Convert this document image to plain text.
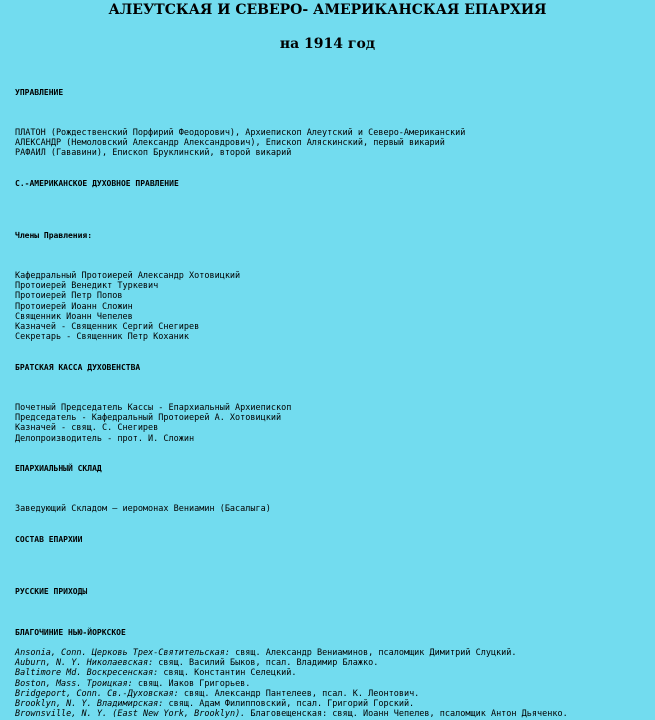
АЛЕУТСКАЯ И СЕВЕРО- АМЕРИКАНСКАЯ ЕПАРХИЯ
на 1914 год
УПРАВЛЕНИЕ
ПЛАТОН (Рождественский Порфирий Феодорович), Архиепископ Алеутский и Северо-Американский
АЛЕКСАНДР (Немоловский Александр Александрович), Епископ Аляскинский, первый викарий
РАФАИЛ (Гававини), Епископ Бруклинский, второй викарий
С.-АМЕРИКАНСКОЕ ДУХОВНОЕ ПРАВЛЕНИЕ
Члены Правления:
Кафедральный Протоиерей Александр Хотовицкий
Протоиерей Венедикт Туркевич
Протоиерей Петр Попов
Протоиерей Иоанн Сложин
Священник Иоанн Чепелев
Казначей - Священник Сергий Снегирев
Секретарь - Священник Петр Коханик
БРАТСКАЯ КАССА ДУХОВЕНСТВА
Почетный Председатель Кассы - Епархиальный Архиепископ
Председатель - Кафедральный Протоиерей А. Хотовицкий
Казначей - свящ. С. Снегирев
Делопроизводитель - прот. И. Сложин
ЕПАРХИАЛЬНЫЙ СКЛАД
Заведующий Складом — иеромонах Вениамин (Басалыга)
СОСТАВ ЕПАРХИИ
РУССКИЕ ПРИХОДЫ
БЛАГОЧИНИЕ НЬЮ-ЙОРКСКОЕ
Ansonia, Conn. Церковь Трех-Святительская: свящ. Александр Вениаминов, псаломщик Димитрий Слуцкий.
Auburn, N. Y. Николаевская: свящ. Василий Быков, псал. Владимир Блажко.
Baltimore Md. Воскресенская: свящ. Константин Селецкий.
Boston, Mass. Троицкая: свящ. Иаков Григорьев.
Bridgeport, Conn. Св.-Духовская: свящ. Александр Пантелеев, псал. К. Леонтович.
Brooklyn, N. Y. Владимирская: свящ. Адам Филипповский, псал. Григорий Горский.
Brownsville, N. Y. (East New York, Brooklyn). Благовещенская: свящ. Иоанн Чепелев, псаломщик Антон Дьяченко.
